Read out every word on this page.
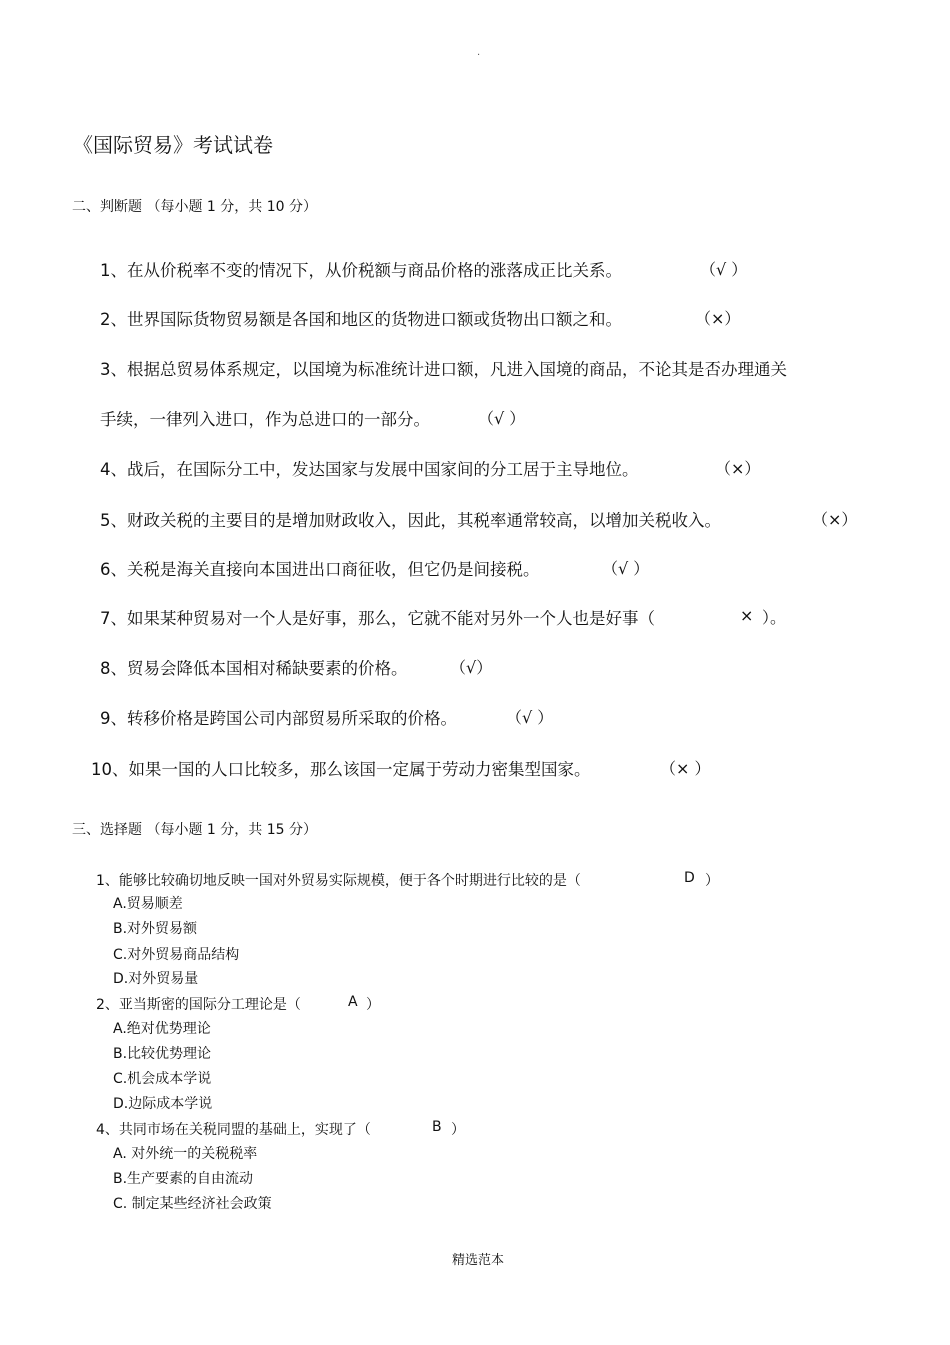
·
《国际贸易》考试试卷
二、判断题 （每小题 1 分，共 10 分）
1、在从价税率不变的情况下，从价税额与商品价格的涨落成正比关系。	（√ ）
2、世界国际货物贸易额是各国和地区的货物进口额或货物出口额之和。	（×）
3、根据总贸易体系规定，以国境为标准统计进口额，凡进入国境的商品，不论其是否办理通关
手续，一律列入进口，作为总进口的一部分。	（√ ）
4、战后，在国际分工中，发达国家与发展中国家间的分工居于主导地位。	（×）
5、财政关税的主要目的是增加财政收入，因此，其税率通常较高，以增加关税收入。	（×）
6、关税是海关直接向本国进出口商征收，但它仍是间接税。	（√ ）
7、如果某种贸易对一个人是好事，那么，它就不能对另外一个人也是好事（	× ）。
8、贸易会降低本国相对稀缺要素的价格。	（√）
9、转移价格是跨国公司内部贸易所采取的价格。	（√ ）
10、如果一国的人口比较多，那么该国一定属于劳动力密集型国家。	（× ）
三、选择题 （每小题 1 分，共 15 分）
1、能够比较确切地反映一国对外贸易实际规模，便于各个时期进行比较的是（	D ）
A.贸易顺差
B.对外贸易额
C.对外贸易商品结构
D.对外贸易量
2、亚当斯密的国际分工理论是（	A ）
A.绝对优势理论
B.比较优势理论
C.机会成本学说
D.边际成本学说
4、共同市场在关税同盟的基础上，实现了（	B ）
A. 对外统一的关税税率
B.生产要素的自由流动
C. 制定某些经济社会政策
精选范本
